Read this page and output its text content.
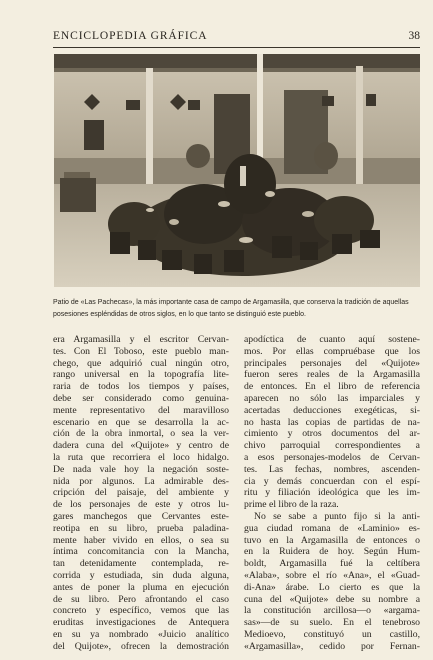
ENCICLOPEDIA GRÁFICA	38
Patio de «Las Pachecas», la más importante casa de campo de Argamasilla, que conserva la tradición de aquellas posesiones espléndidas de otros siglos, en lo que tanto se distinguió este pueblo.
era Argamasilla y el escritor Cervan-
tes. Con El Toboso, este pueblo man-
chego, que adquirió cual ningún otro,
rango universal en la topografía lite-
raria de todos los tiempos y países,
debe ser considerado como genuina-
mente representativo del maravilloso
escenario en que se desarrolla la ac-
ción de la obra inmortal, o sea la ver-
dadera cuna del «Quijote» y centro de
la ruta que recorriera el loco hidalgo.
De nada vale hoy la negación soste-
nida por algunos. La admirable des-
cripción del paisaje, del ambiente y
de los personajes de este y otros lu-
gares manchegos que Cervantes este-
reotipa en su libro, prueba paladina-
mente haber vivido en ellos, o sea su
íntima concomitancia con la Mancha,
tan detenidamente contemplada, re-
corrida y estudiada, sin duda alguna,
antes de poner la pluma en ejecución
de su libro. Pero afrontando el caso
concreto y específico, vemos que las
eruditas investigaciones de Antequera
en su ya nombrado «Juicio analítico
del Quijote», ofrecen la demostración
apodíctica de cuanto aquí sostene-
mos. Por ellas compruébase que los
principales personajes del «Quijote»
fueron seres reales de la Argamasilla
de entonces. En el libro de referencia
aparecen no sólo las imparciales y
acertadas deducciones exegéticas, si-
no hasta las copias de partidas de na-
cimiento y otros documentos del ar-
chivo parroquial correspondientes a
a esos personajes-modelos de Cervan-
tes. Las fechas, nombres, ascenden-
cia y demás concuerdan con el espí-
ritu y filiación ideológica que les im-
prime el libro de la raza.
No se sabe a punto fijo si la anti-
gua ciudad romana de «Laminio» es-
tuvo en la Argamasilla de entonces o
en la Ruidera de hoy. Según Hum-
boldt, Argamasilla fué la celtíbera
«Alaba», sobre el río «Ana», el «Guad-
di-Ana» árabe. Lo cierto es que la
cuna del «Quijote» debe su nombre a
la constitución arcillosa—o «argama-
sas»—de su suelo. En el tenebroso
Medioevo, constituyó un castillo,
«Argamasilla», cedido por Fernan-
